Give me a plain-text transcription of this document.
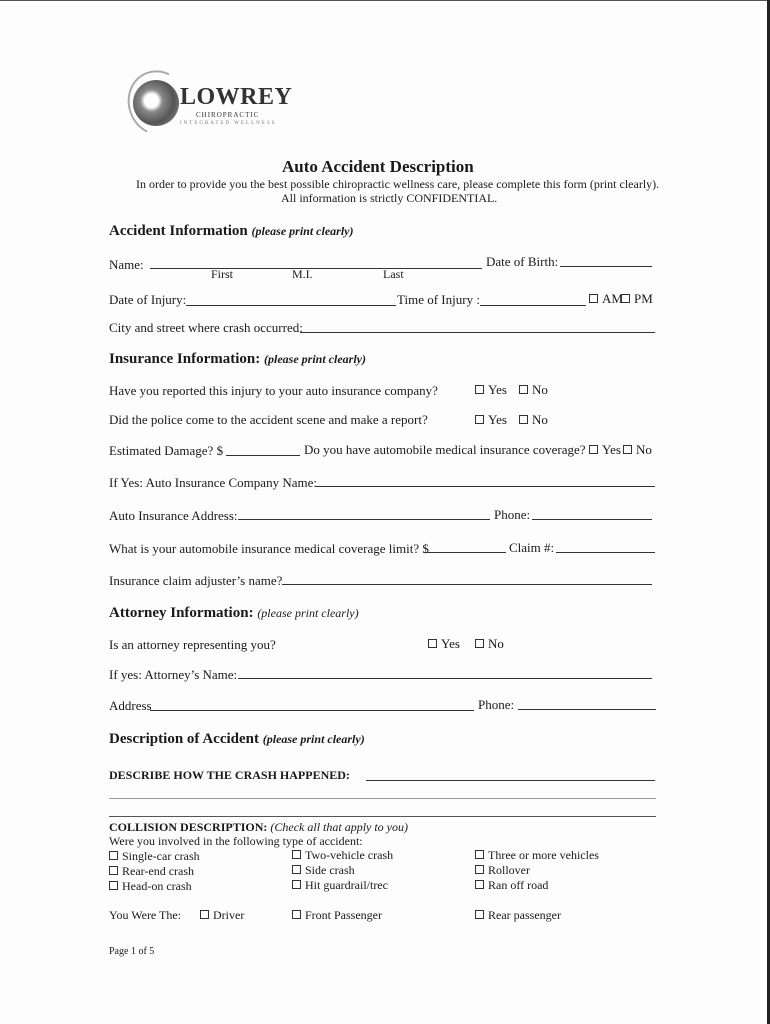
LOWREY
CHIROPRACTIC
INTEGRATED WELLNESS
Auto Accident Description
In order to provide you the best possible chiropractic wellness care, please complete this form (print clearly).
All information is strictly CONFIDENTIAL.
Accident Information (please print clearly)
Name:
First	M.I.	Last
Date of Birth:
Date of Injury:	Time of Injury :	AM PM
City and street where crash occurred:
Insurance Information: (please print clearly)
Have you reported this injury to your auto insurance company?	Yes	No
Did the police come to the accident scene and make a report?	Yes	No
Estimated Damage? $	Do you have automobile medical insurance coverage?	Yes	No
If Yes: Auto Insurance Company Name:
Auto Insurance Address:	Phone:
What is your automobile insurance medical coverage limit? $	Claim #:
Insurance claim adjuster’s name?
Attorney Information: (please print clearly)
Is an attorney representing you?	Yes	No
If yes: Attorney’s Name:
Address	Phone:
Description of Accident (please print clearly)
DESCRIBE HOW THE CRASH HAPPENED:
COLLISION DESCRIPTION: (Check all that apply to you)
Were you involved in the following type of accident:
Single-car crash	Two-vehicle crash	Three or more vehicles
Rear-end crash	Side crash	Rollover
Head-on crash	Hit guardrail/trec	Ran off road
You Were The:	Driver	Front Passenger	Rear passenger
Page 1 of 5
